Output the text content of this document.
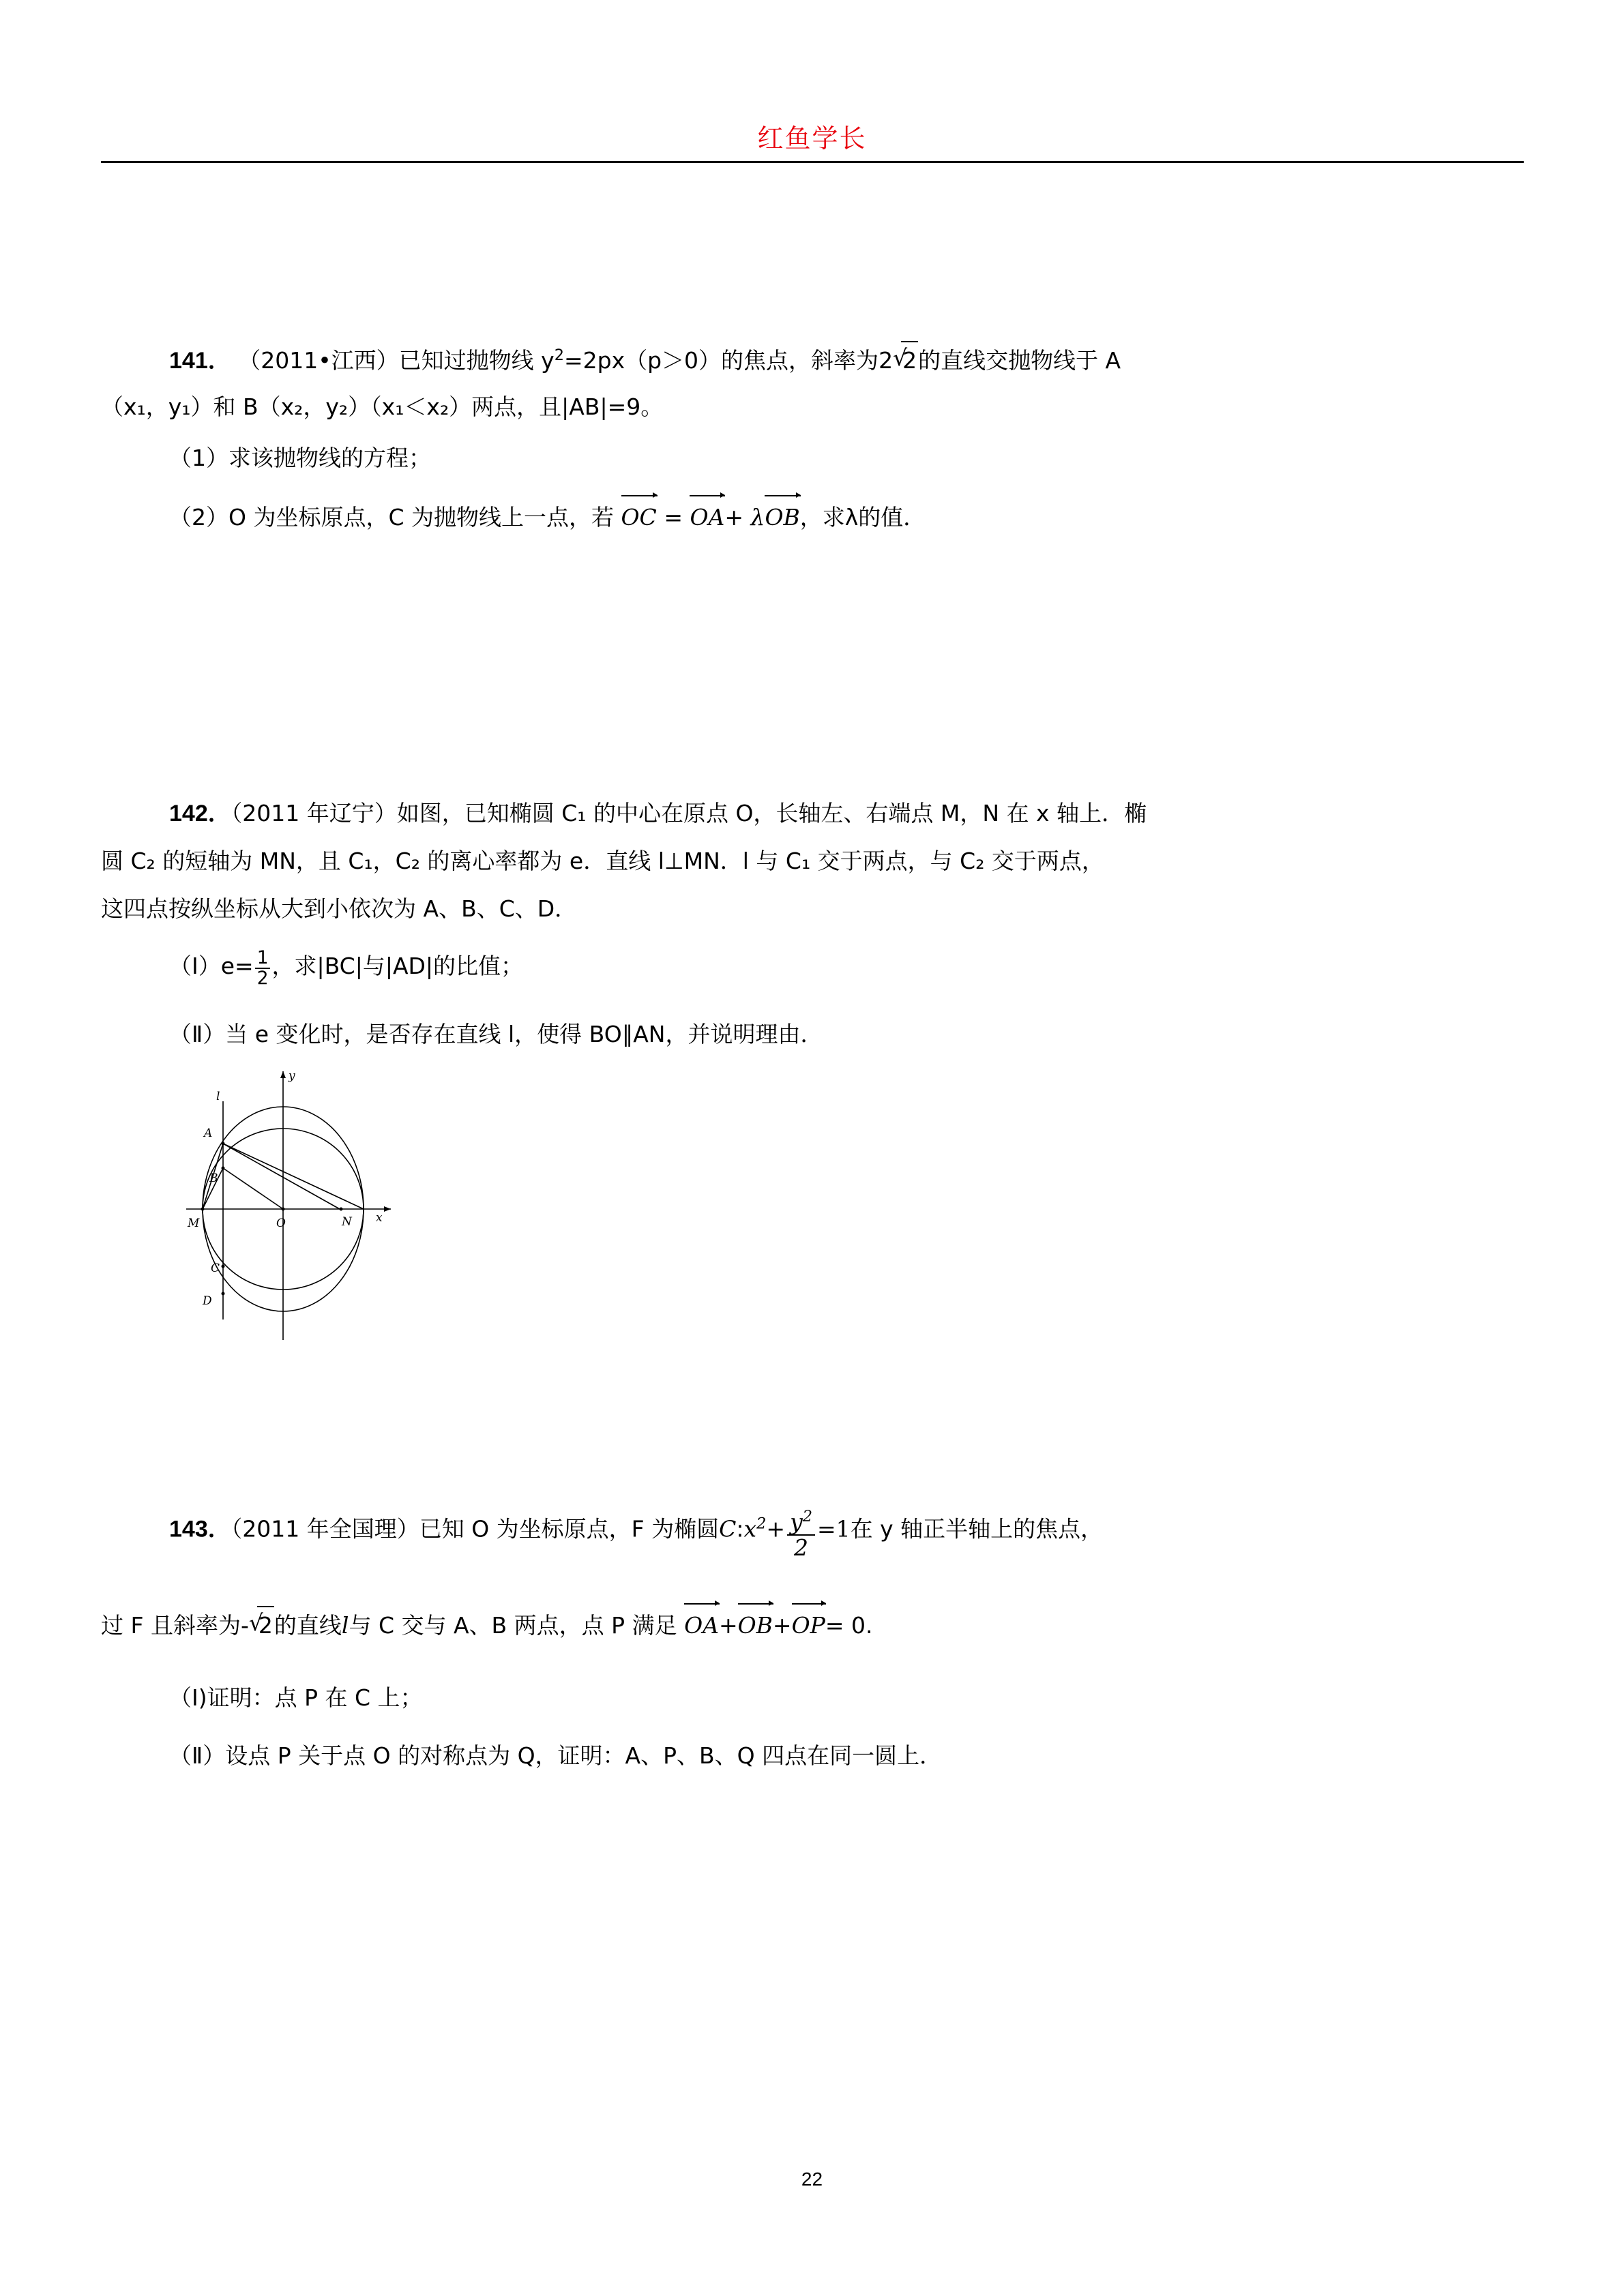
红鱼学长
141． （2011•江西）已知过抛物线 $y^2=2px(p>0)$的焦点，斜率为2 √ 2的直线交抛物线于 A
（x₁，y₁）和 B（x₂，y₂）（x₁＜x₂）两点，且|AB|=9。
（1）求该抛物线的方程；
（2）O 为坐标原点，C 为抛物线上一点，若 OC = OA+ λOB，求λ的值．
142．（2011 年辽宁）如图，已知椭圆 C₁ 的中心在原点 O，长轴左、右端点 M，N 在 x 轴上．椭
圆 C₂ 的短轴为 MN，且 C₁，C₂ 的离心率都为 e．直线 l⊥MN．l 与 C₁ 交于两点，与 C₂ 交于两点，
这四点按纵坐标从大到小依次为 A、B、C、D．
（Ⅰ）e= $\frac{1}{2}$ ，求|BC|与|AD|的比值；
（Ⅱ）当 e 变化时，是否存在直线 l，使得 BO∥AN，并说明理由．
y
l
A
B
M	O	N x
C
D
143．（2011 年全国理）已知 O 为坐标原点，F 为椭圆$C:x^2+ \frac{y^2}{2} =1$在 y 轴正半轴上的焦点，
过 F 且斜率为- √ 2的直线l与 C 交与 A、B 两点，点 P 满足 OA+OB+OP= 0.
（Ⅰ)证明：点 P 在 C 上；
（Ⅱ）设点 P 关于点 O 的对称点为 Q，证明：A、P、B、Q 四点在同一圆上．
22
